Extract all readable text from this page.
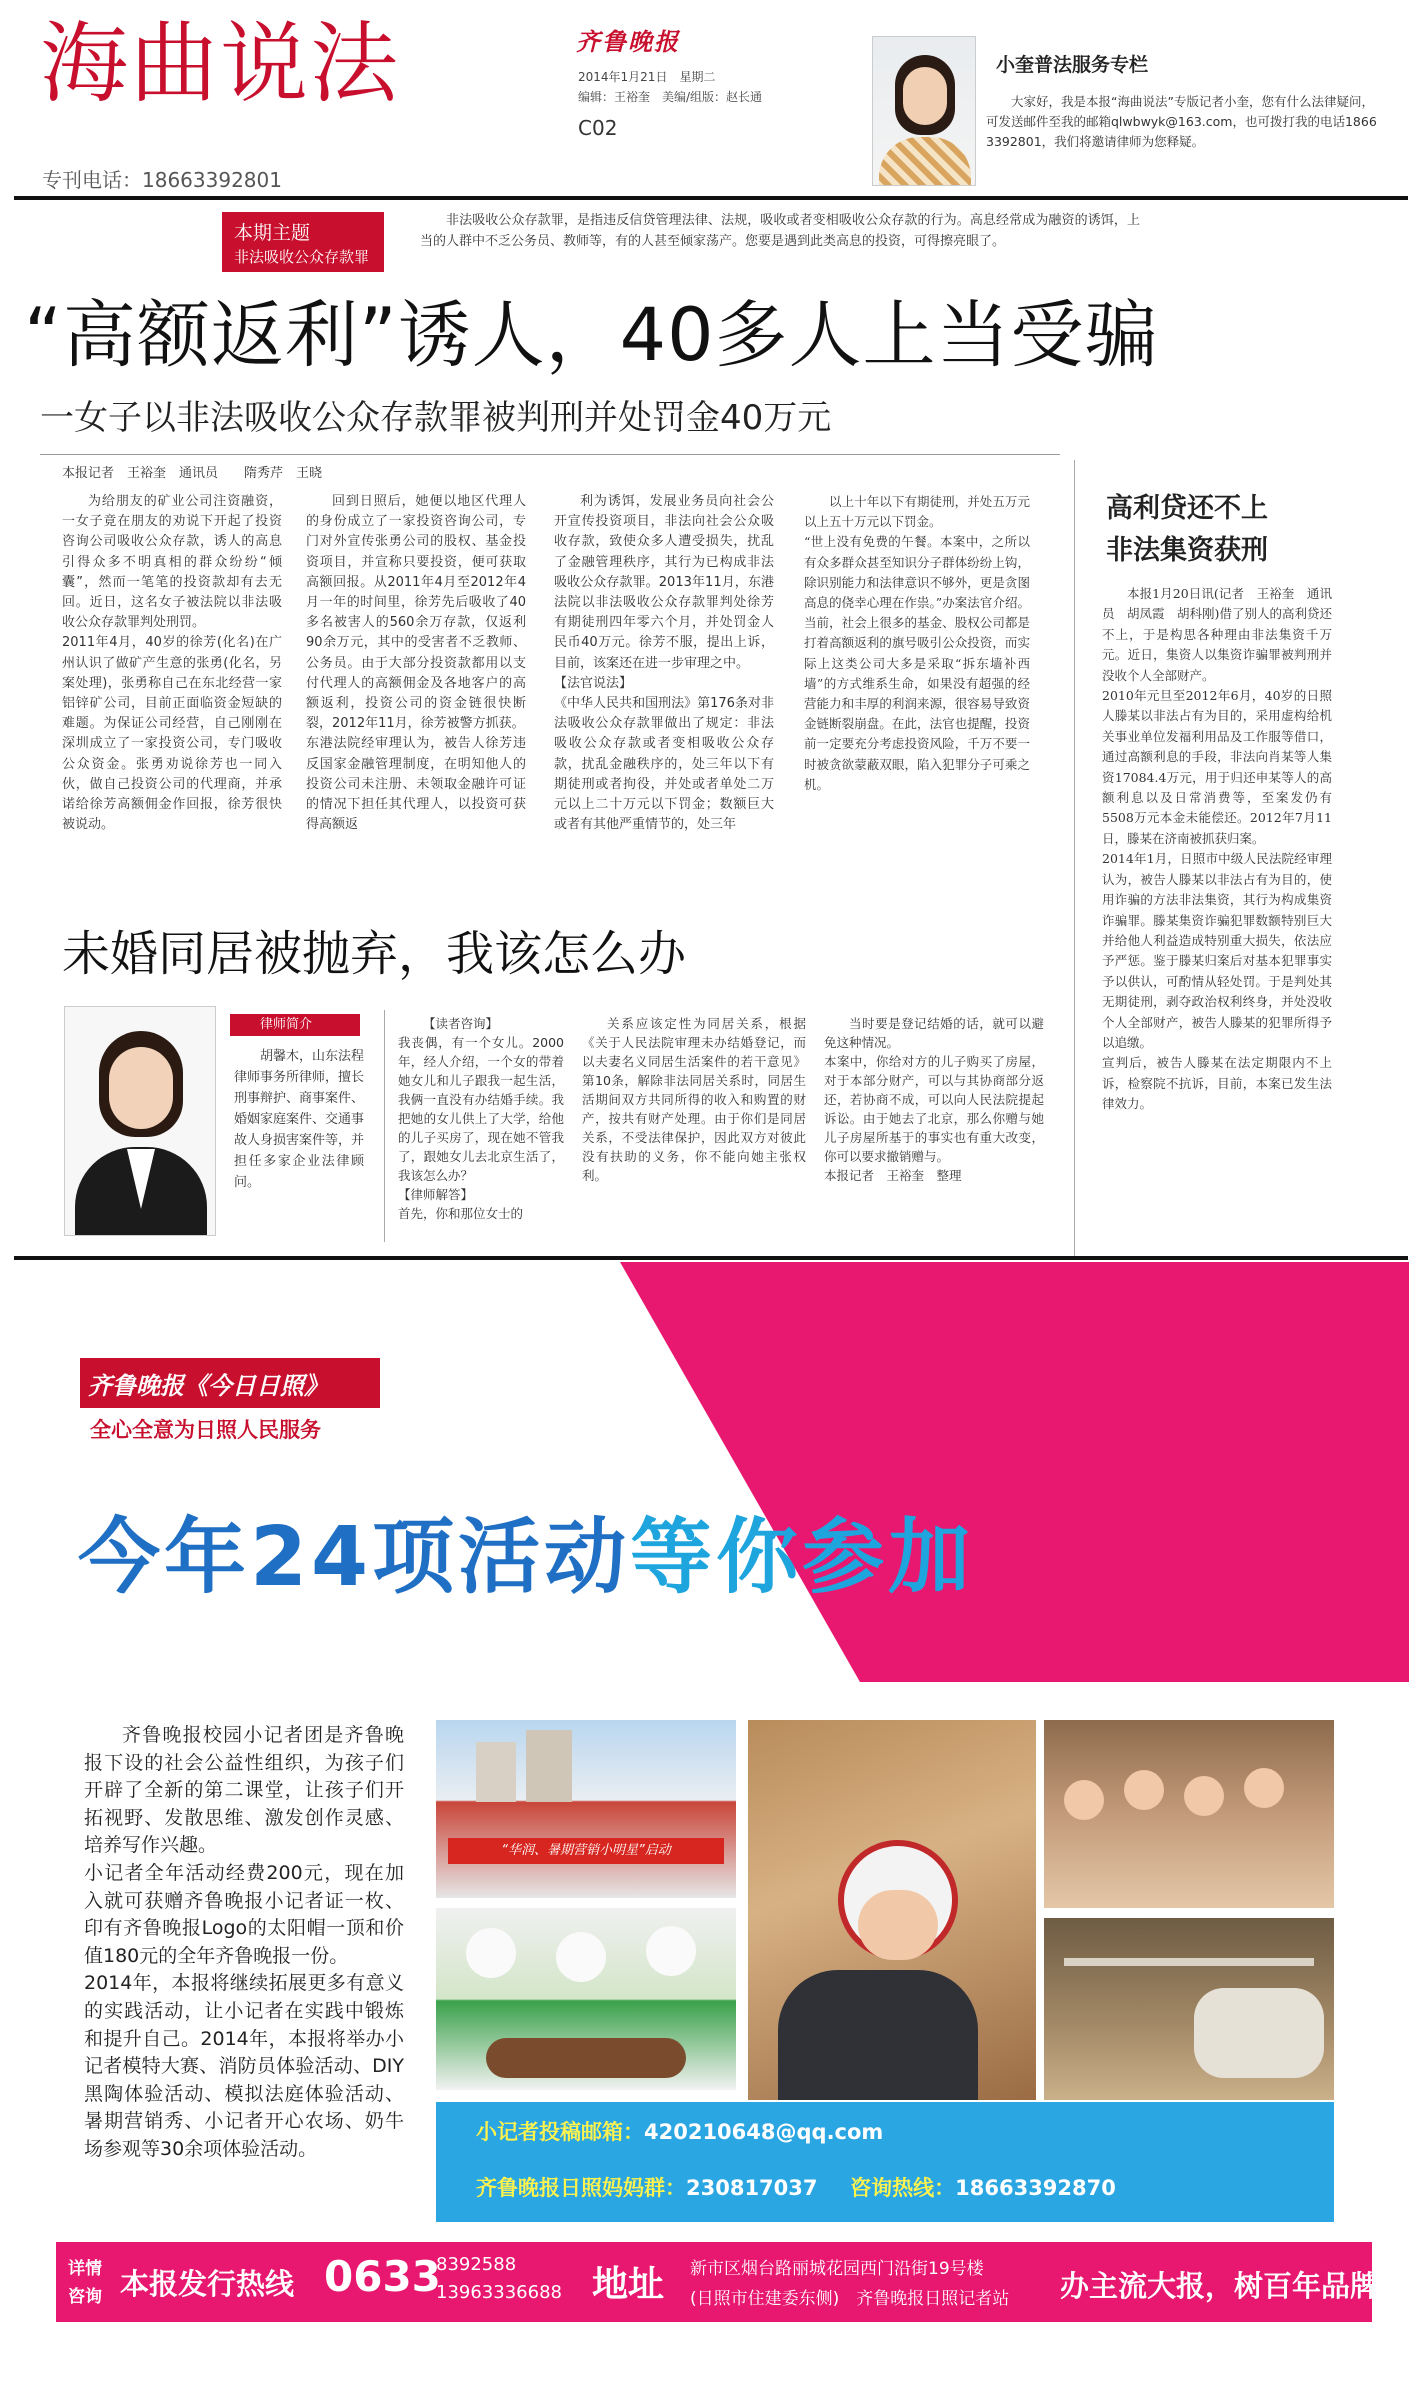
海曲说法
专刊电话：18663392801
齐鲁晚报
2014年1月21日　星期二
编辑：王裕奎　美编/组版：赵长通
C02
小奎普法服务专栏
大家好，我是本报“海曲说法”专版记者小奎，您有什么法律疑问，可发送邮件至我的邮箱qlwbwyk@163.com，也可拨打我的电话18663392801，我们将邀请律师为您释疑。
本期主题
非法吸收公众存款罪
非法吸收公众存款罪，是指违反信贷管理法律、法规，吸收或者变相吸收公众存款的行为。高息经常成为融资的诱饵，上当的人群中不乏公务员、教师等，有的人甚至倾家荡产。您要是遇到此类高息的投资，可得擦亮眼了。
“高额返利”诱人，40多人上当受骗
一女子以非法吸收公众存款罪被判刑并处罚金40万元
本报记者　王裕奎　通讯员　　隋秀芹　王晓
为给朋友的矿业公司注资融资，一女子竟在朋友的劝说下开起了投资咨询公司吸收公众存款，诱人的高息引得众多不明真相的群众纷纷“倾囊”，然而一笔笔的投资款却有去无回。近日，这名女子被法院以非法吸收公众存款罪判处刑罚。
2011年4月，40岁的徐芳(化名)在广州认识了做矿产生意的张勇(化名，另案处理)，张勇称自己在东北经营一家铝锌矿公司，目前正面临资金短缺的难题。为保证公司经营，自己刚刚在深圳成立了一家投资公司，专门吸收公众资金。张勇劝说徐芳也一同入伙，做自己投资公司的代理商，并承诺给徐芳高额佣金作回报，徐芳很快被说动。
回到日照后，她便以地区代理人的身份成立了一家投资咨询公司，专门对外宣传张勇公司的股权、基金投资项目，并宣称只要投资，便可获取高额回报。从2011年4月至2012年4月一年的时间里，徐芳先后吸收了40多名被害人的560余万存款，仅返利90余万元，其中的受害者不乏教师、公务员。由于大部分投资款都用以支付代理人的高额佣金及各地客户的高额返利，投资公司的资金链很快断裂，2012年11月，徐芳被警方抓获。
东港法院经审理认为，被告人徐芳违反国家金融管理制度，在明知他人的投资公司未注册、未领取金融许可证的情况下担任其代理人，以投资可获得高额返
利为诱饵，发展业务员向社会公开宣传投资项目，非法向社会公众吸收存款，致使众多人遭受损失，扰乱了金融管理秩序，其行为已构成非法吸收公众存款罪。2013年11月，东港法院以非法吸收公众存款罪判处徐芳有期徒刑四年零六个月，并处罚金人民币40万元。徐芳不服，提出上诉，目前，该案还在进一步审理之中。
【法官说法】
《中华人民共和国刑法》第176条对非法吸收公众存款罪做出了规定：非法吸收公众存款或者变相吸收公众存款，扰乱金融秩序的，处三年以下有期徒刑或者拘役，并处或者单处二万元以上二十万元以下罚金；数额巨大或者有其他严重情节的，处三年
以上十年以下有期徒刑，并处五万元以上五十万元以下罚金。
“世上没有免费的午餐。本案中，之所以有众多群众甚至知识分子群体纷纷上钩，除识别能力和法律意识不够外，更是贪图高息的侥幸心理在作祟。”办案法官介绍。当前，社会上很多的基金、股权公司都是打着高额返利的旗号吸引公众投资，而实际上这类公司大多是采取“拆东墙补西墙”的方式维系生命，如果没有超强的经营能力和丰厚的利润来源，很容易导致资金链断裂崩盘。在此，法官也提醒，投资前一定要充分考虑投资风险，千万不要一时被贪欲蒙蔽双眼，陷入犯罪分子可乘之机。
高利贷还不上
非法集资获刑
本报1月20日讯(记者　王裕奎　通讯员　胡凤霞　胡科刚)借了别人的高利贷还不上，于是构思各种理由非法集资千万元。近日，集资人以集资诈骗罪被判刑并没收个人全部财产。
2010年元旦至2012年6月，40岁的日照人滕某以非法占有为目的，采用虚构给机关事业单位发福利用品及工作服等借口，通过高额利息的手段，非法向肖某等人集资17084.4万元，用于归还申某等人的高额利息以及日常消费等，至案发仍有5508万元本金未能偿还。2012年7月11日，滕某在济南被抓获归案。
2014年1月，日照市中级人民法院经审理认为，被告人滕某以非法占有为目的，使用诈骗的方法非法集资，其行为构成集资诈骗罪。滕某集资诈骗犯罪数额特别巨大并给他人利益造成特别重大损失，依法应予严惩。鉴于滕某归案后对基本犯罪事实予以供认，可酌情从轻处罚。于是判处其无期徒刑，剥夺政治权利终身，并处没收个人全部财产，被告人滕某的犯罪所得予以追缴。
宣判后，被告人滕某在法定期限内不上诉，检察院不抗诉，目前，本案已发生法律效力。
未婚同居被抛弃，我该怎么办
律师简介
胡馨木，山东法程律师事务所律师，擅长刑事辩护、商事案件、婚姻家庭案件、交通事故人身损害案件等，并担任多家企业法律顾问。
【读者咨询】
我丧偶，有一个女儿。2000年，经人介绍，一个女的带着她女儿和儿子跟我一起生活，我俩一直没有办结婚手续。我把她的女儿供上了大学，给他的儿子买房了，现在她不管我了，跟她女儿去北京生活了，我该怎么办？
【律师解答】
首先，你和那位女士的
关系应该定性为同居关系，根据《关于人民法院审理未办结婚登记，而以夫妻名义同居生活案件的若干意见》第10条，解除非法同居关系时，同居生活期间双方共同所得的收入和购置的财产，按共有财产处理。由于你们是同居关系，不受法律保护，因此双方对彼此没有扶助的义务，你不能向她主张权利。
当时要是登记结婚的话，就可以避免这种情况。
本案中，你给对方的儿子购买了房屋，对于本部分财产，可以与其协商部分返还，若协商不成，可以向人民法院提起诉讼。由于她去了北京，那么你赠与她儿子房屋所基于的事实也有重大改变，你可以要求撤销赠与。
本报记者　王裕奎　整理
齐鲁晚报《今日日照》
全心全意为日照人民服务
今年24项活动等你参加
齐鲁晚报校园小记者团是齐鲁晚报下设的社会公益性组织，为孩子们开辟了全新的第二课堂，让孩子们开拓视野、发散思维、激发创作灵感、培养写作兴趣。
小记者全年活动经费200元，现在加入就可获赠齐鲁晚报小记者证一枚、印有齐鲁晚报Logo的太阳帽一顶和价值180元的全年齐鲁晚报一份。
2014年，本报将继续拓展更多有意义的实践活动，让小记者在实践中锻炼和提升自己。2014年，本报将举办小记者模特大赛、消防员体验活动、DIY黑陶体验活动、模拟法庭体验活动、暑期营销秀、小记者开心农场、奶牛场参观等30余项体验活动。
“华润、暑期营销小明星”启动
小记者投稿邮箱：420210648@qq.com
齐鲁晚报日照妈妈群：230817037 咨询热线：18663392870
详情
咨询 本报发行热线 0633
8392588
13963336688 地址 新市区烟台路丽城花园西门沿街19号楼
(日照市住建委东侧)　齐鲁晚报日照记者站 办主流大报，树百年品牌
